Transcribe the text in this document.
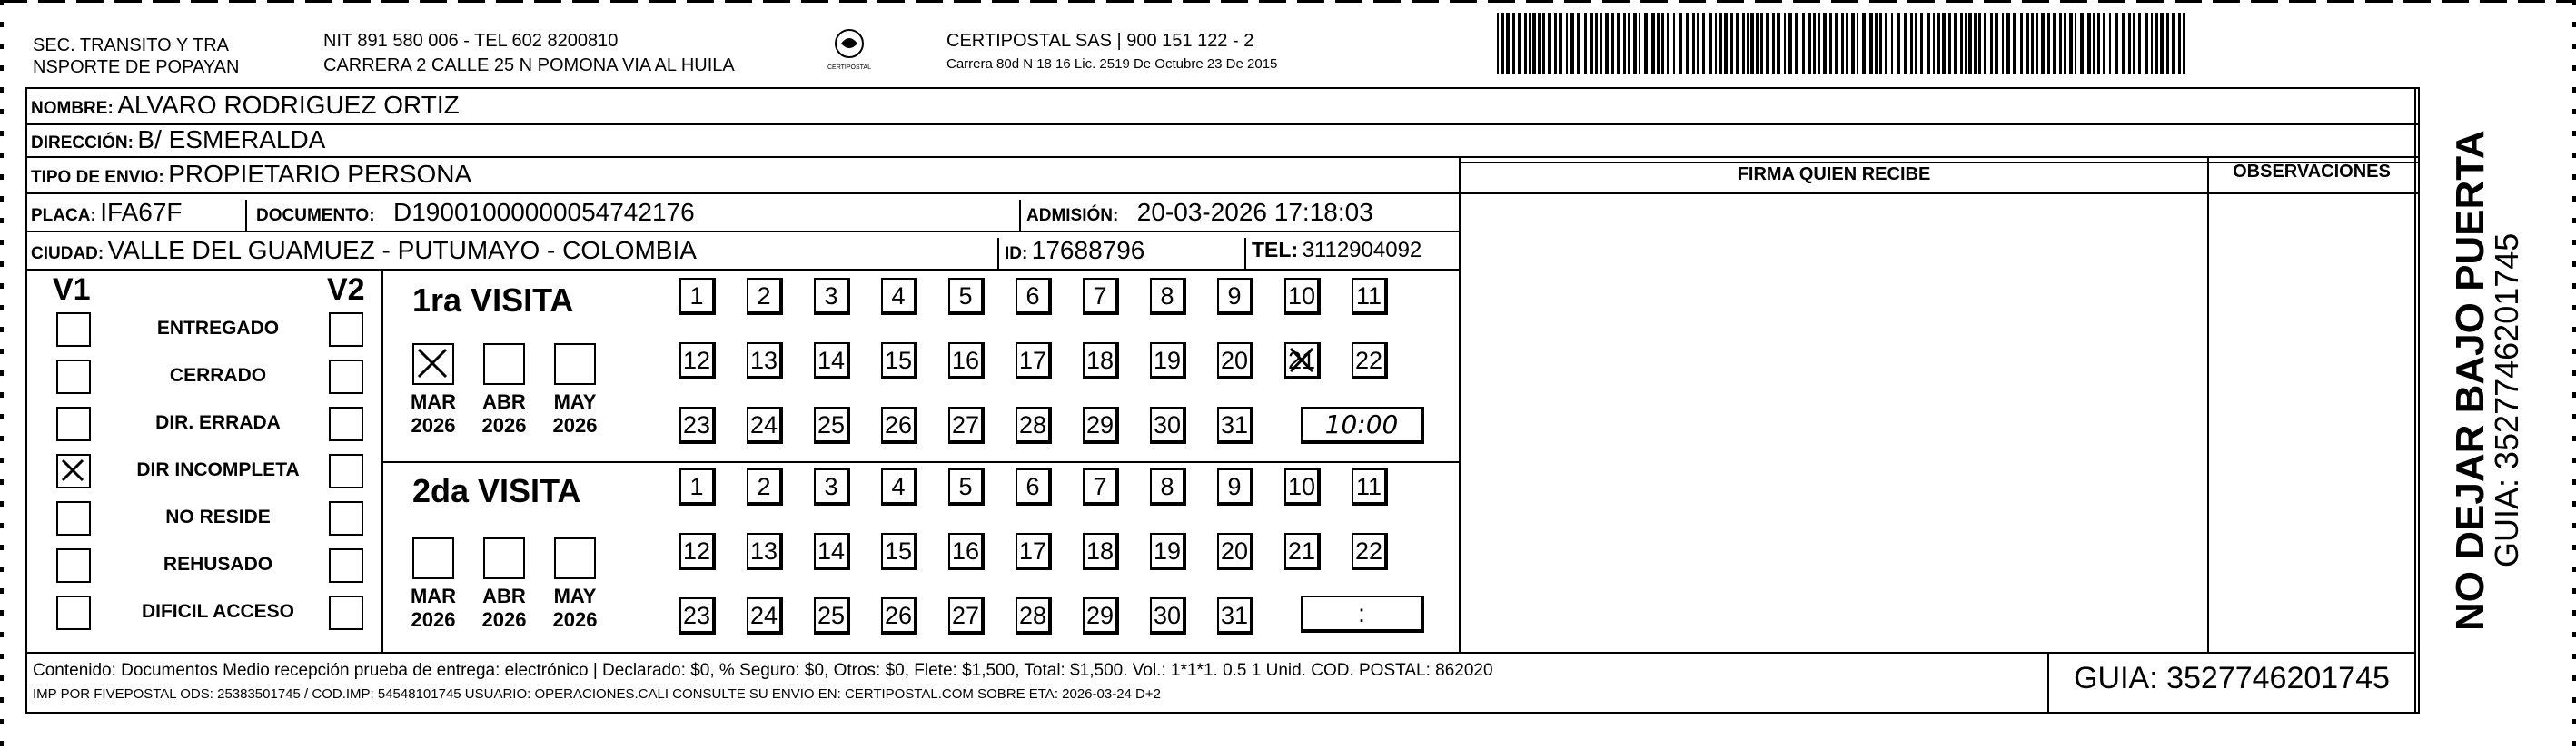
SEC. TRANSITO Y TRA
NSPORTE DE POPAYAN
NIT 891 580 006 - TEL 602 8200810
CARRERA 2 CALLE 25 N POMONA VIA AL HUILA	CERTIPOSTAL
CERTIPOSTAL SAS | 900 151 122 - 2
Carrera 80d N 18 16 Lic. 2519 De Octubre 23 De 2015
NOMBRE: ALVARO RODRIGUEZ ORTIZ
DIRECCIÓN: B/ ESMERALDA
TIPO DE ENVIO: PROPIETARIO PERSONA
PLACA: IFA67F	DOCUMENTO: D19001000000054742176	ADMISIÓN: 20-03-2026 17:18:03
CIUDAD: VALLE DEL GUAMUEZ - PUTUMAYO - COLOMBIA	ID: 17688796	TEL: 3112904092
FIRMA QUIEN RECIBE	OBSERVACIONES
V1	V2
ENTREGADO
CERRADO
DIR. ERRADA
DIR INCOMPLETA
NO RESIDE
REHUSADO
DIFICIL ACCESO
1ra VISITA
MAR
2026
ABR
2026
MAY
2026
1	2	3	4	5	6	7	8	9	10 11
12 13 14 15 16 17 18 19 20 21 22
23 24 25 26 27 28 29 30 31	10:00
2da VISITA
MAR
2026
ABR
2026
MAY
2026
1	2	3	4	5	6	7	8	9	10 11
12 13 14 15 16 17 18 19 20 21 22
23 24 25 26 27 28 29 30 31	:
Contenido: Documentos Medio recepción prueba de entrega: electrónico | Declarado: $0, % Seguro: $0, Otros: $0, Flete: $1,500, Total: $1,500. Vol.: 1*1*1. 0.5 1 Unid. COD. POSTAL: 862020
IMP POR FIVEPOSTAL ODS: 25383501745 / COD.IMP: 54548101745 USUARIO: OPERACIONES.CALI CONSULTE SU ENVIO EN: CERTIPOSTAL.COM SOBRE ETA: 2026-03-24 D+2	GUIA: 3527746201745
NO DEJAR BAJO PUERTA
GUIA: 3527746201745
